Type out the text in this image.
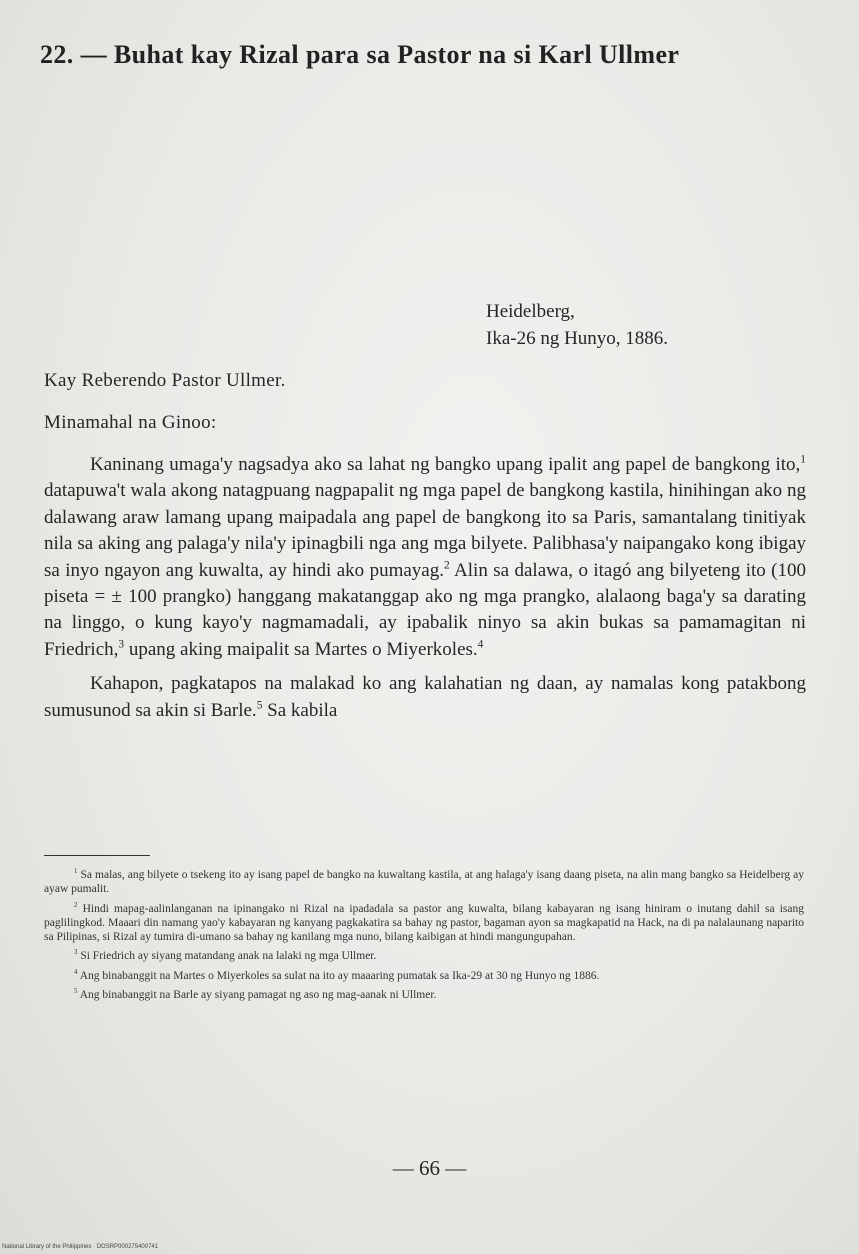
22. — Buhat kay Rizal para sa Pastor na si Karl Ullmer
Heidelberg,
Ika-26 ng Hunyo, 1886.
Kay Reberendo Pastor Ullmer.
Minamahal na Ginoo:

Kaninang umaga'y nagsadya ako sa lahat ng bangko upang ipalit ang papel de bangkong ito,$^1$ datapuwa't wala akong natagpuang nagpapalit ng mga papel de bangkong kastila, hinihingan ako ng dalawang araw lamang upang maipadala ang papel de bangkong ito sa Paris, samantalang tinitiyak nila sa aking ang palaga'y nila'y ipinagbili nga ang mga bilyete. Palibhasa'y naipangako kong ibigay sa inyo ngayon ang kuwalta, ay hindi ako pumayag.$^2$ Alin sa dalawa, o itagó ang bilyeteng ito (100 piseta = ± 100 prangko) hanggang makatanggap ako ng mga prangko, alalaong baga'y sa darating na linggo, o kung kayo'y nagmamadali, ay ipabalik ninyo sa akin bukas sa pamamagitan ni Friedrich,$^3$ upang aking maipalit sa Martes o Miyerkoles.$^4$

Kahapon, pagkatapos na malakad ko ang kalahatian ng daan, ay namalas kong patakbong sumusunod sa akin si Barle.$^5$ Sa kabila

$^1$ Sa malas, ang bilyete o tsekeng ito ay isang papel de bangko na kuwaltang kastila, at ang halaga'y isang daang piseta, na alin mang bangko sa Heidelberg ay ayaw pumalit.

$^2$ Hindi mapag-aalinlanganan na ipinangako ni Rizal na ipadadala sa pastor ang kuwalta, bilang kabayaran ng isang hiniram o inutang dahil sa isang paglilingkod. Maaari din namang yao'y kabayaran ng kanyang pagkakatira sa bahay ng pastor, bagaman ayon sa magkapatid na Hack, na di pa nalalaunang naparito sa Pilipinas, si Rizal ay tumira di-umano sa bahay ng kanilang mga nuno, bilang kaibigan at hindi mangungupahan.

$^3$ Si Friedrich ay siyang matandang anak na lalaki ng mga Ullmer.

$^4$ Ang binabanggit na Martes o Miyerkoles sa sulat na ito ay maaaring pumatak sa Ika-29 at 30 ng Hunyo ng 1886.

$^5$ Ang binabanggit na Barle ay siyang pamagat ng aso ng mag-aanak ni Ullmer.

— 66 —
National Library of the Philippines · DOSRP000275400741
